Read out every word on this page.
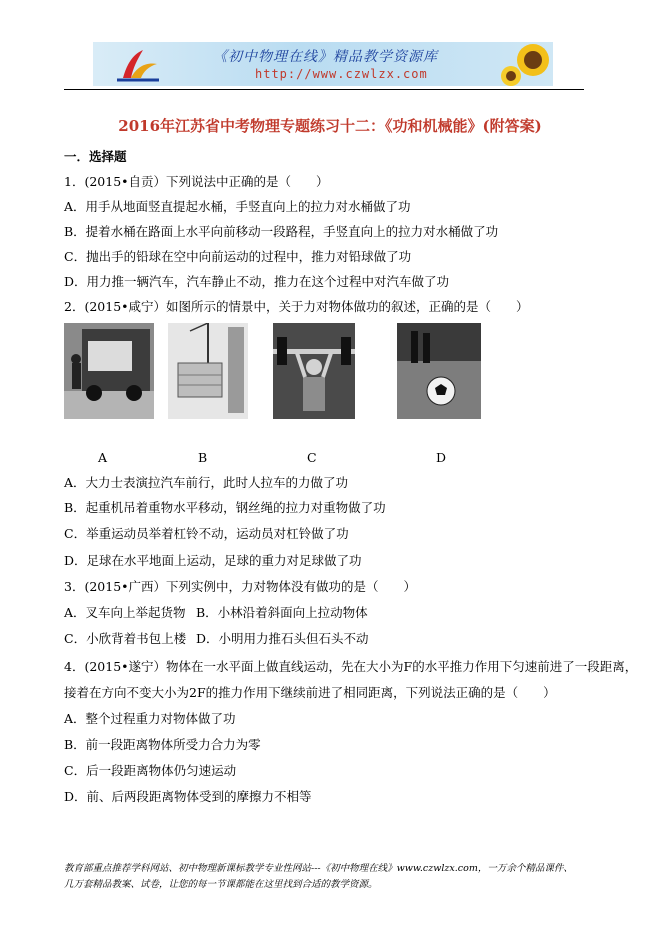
《初中物理在线》精品教学资源库
http://www.czwlzx.com
2016年江苏省中考物理专题练习十二：《功和机械能》(附答案)
一．选择题
1．(2015•自贡）下列说法中正确的是（　　）
A．用手从地面竖直提起水桶，手竖直向上的拉力对水桶做了功
B．提着水桶在路面上水平向前移动一段路程，手竖直向上的拉力对水桶做了功
C．抛出手的铅球在空中向前运动的过程中，推力对铅球做了功
D．用力推一辆汽车，汽车静止不动，推力在这个过程中对汽车做了功
2．(2015•咸宁）如图所示的情景中，关于力对物体做功的叙述，正确的是（　　）
A	B	C	D
A．大力士表演拉汽车前行，此时人拉车的力做了功
B．起重机吊着重物水平移动，钢丝绳的拉力对重物做了功
C．举重运动员举着杠铃不动，运动员对杠铃做了功
D．足球在水平地面上运动，足球的重力对足球做了功
3．(2015•广西）下列实例中，力对物体没有做功的是（　　）
A．叉车向上举起货物 B．小林沿着斜面向上拉动物体
C．小欣背着书包上楼 D．小明用力推石头但石头不动
4．(2015•遂宁）物体在一水平面上做直线运动，先在大小为F的水平推力作用下匀速前进了一段距离，
接着在方向不变大小为2F的推力作用下继续前进了相同距离，下列说法正确的是（　　）
A．整个过程重力对物体做了功
B．前一段距离物体所受力合力为零
C．后一段距离物体仍匀速运动
D．前、后两段距离物体受到的摩擦力不相等
教育部重点推荐学科网站、初中物理新课标教学专业性网站---《初中物理在线》www.czwlzx.com，一万余个精品课件、
几万套精品教案、试卷，让您的每一节课都能在这里找到合适的教学资源。
